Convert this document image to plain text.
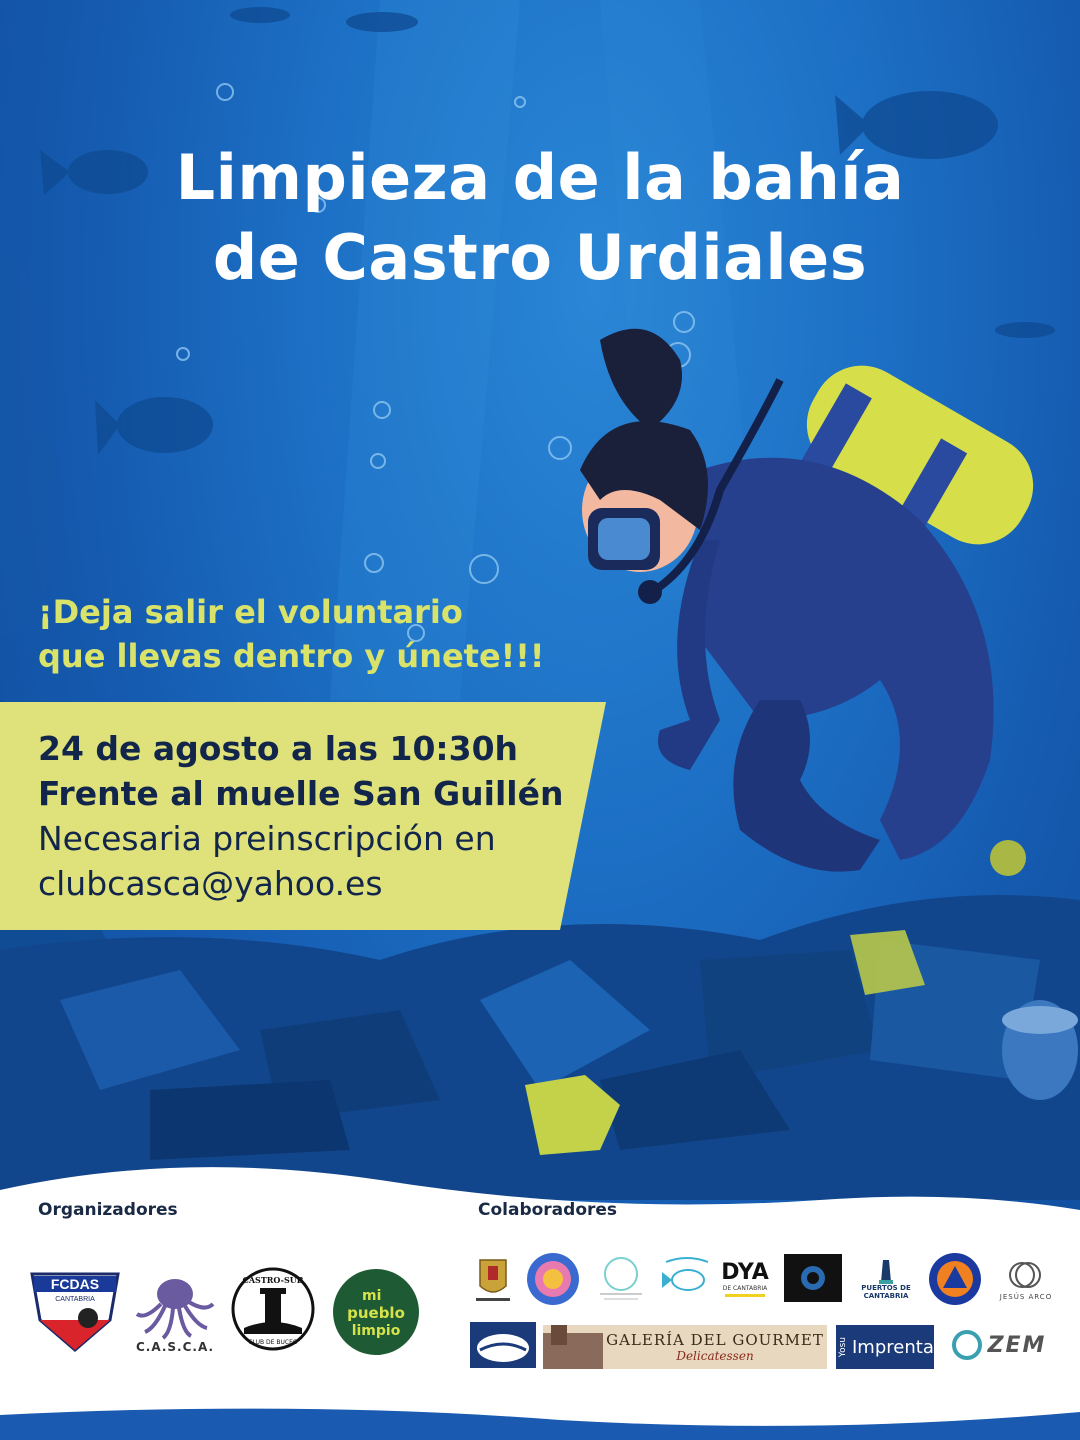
Limpieza de la bahía
de Castro Urdiales
¡Deja salir el voluntario
que llevas dentro y únete!!!
24 de agosto a las 10:30h
Frente al muelle San Guillén
Necesaria preinscripción en
clubcasca@yahoo.es
Organizadores	Colaboradores
FCDAS
CANTABRIA
C.A.S.C.A.
CASTRO-SUB
CLUB DE BUCEO
mi
pueblo
limpio
DYA
DE CANTABRIA	PUERTOS DE CANTABRIA	JESÚS ARCO
GALERÍA DEL GOURMET
Delicatessen	Yosu Imprenta ZEM
